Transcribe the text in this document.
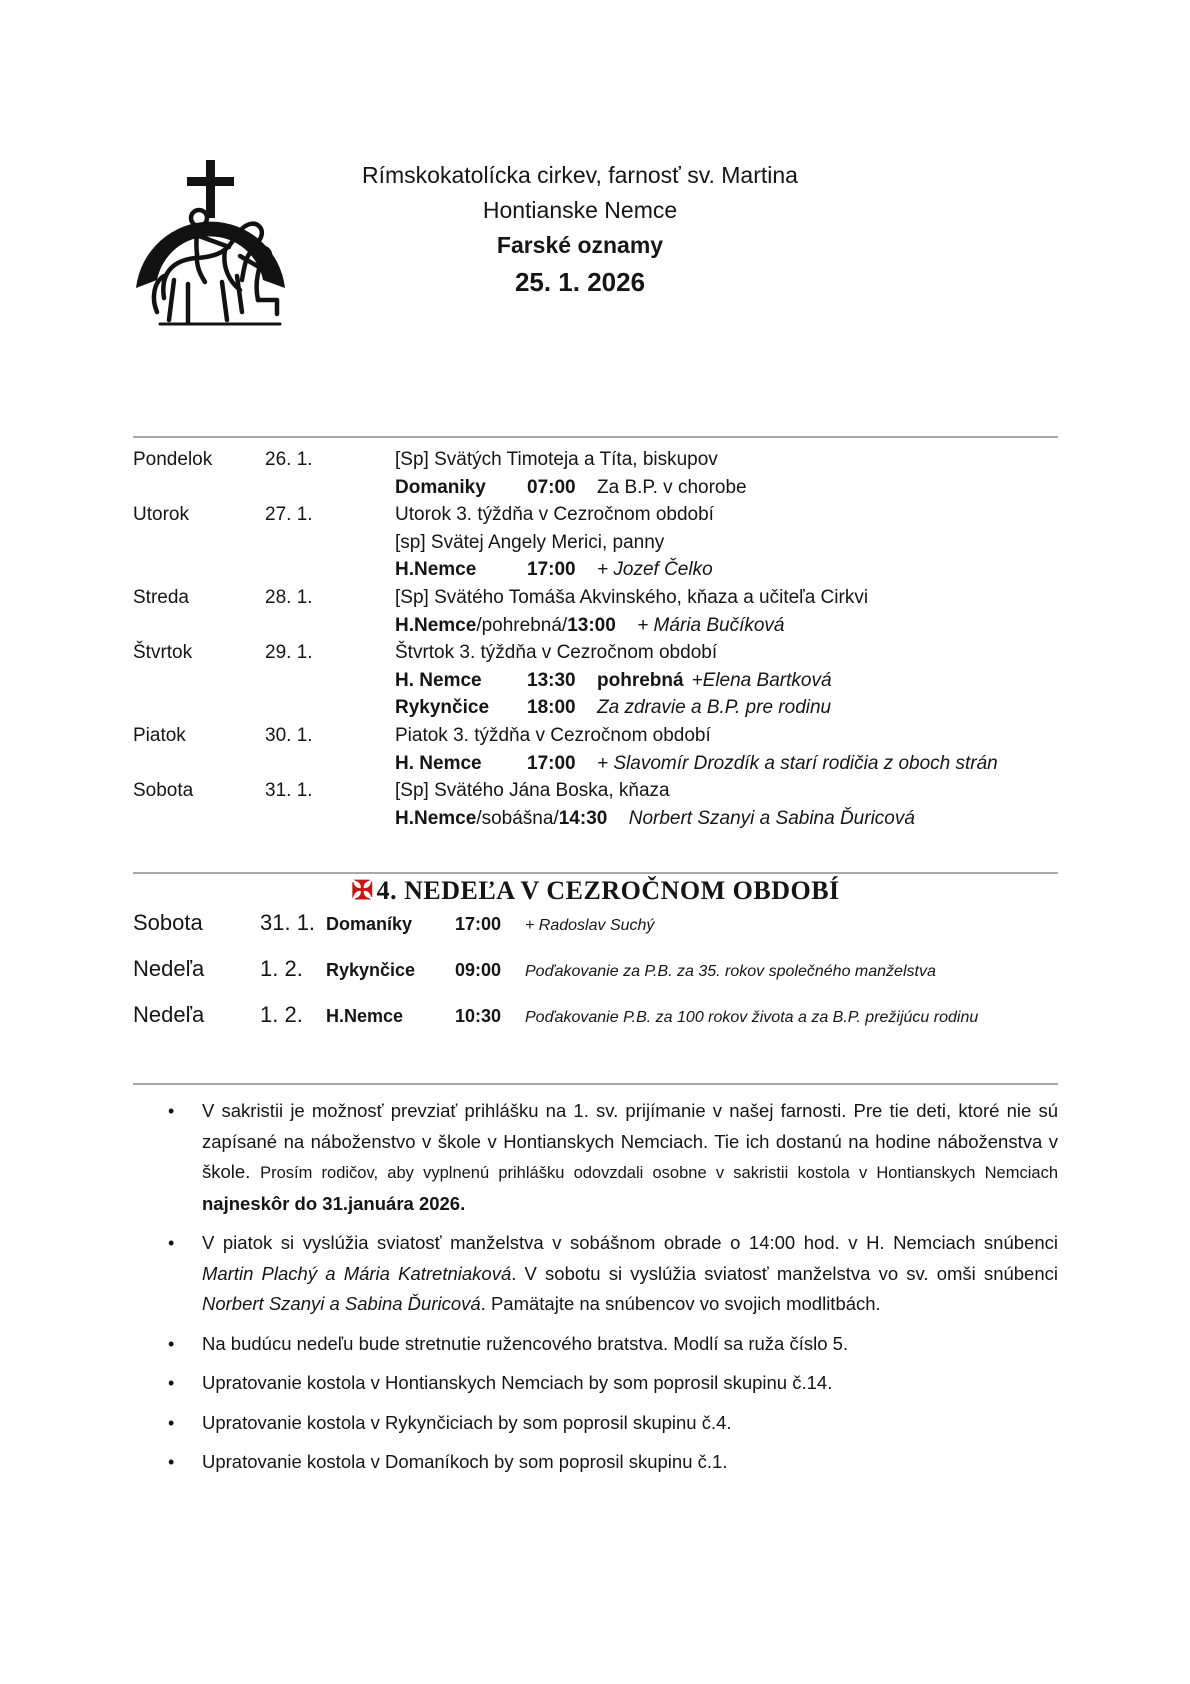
Rímskokatolícka cirkev, farnosť sv. Martina
Hontianske Nemce
Farské oznamy
25. 1. 2026
Pondelok	26. 1.	[Sp] Svätých Timoteja a Títa, biskupov
Domaniky 07:00 Za B.P. v chorobe
Utorok	27. 1.	Utorok 3. týždňa v Cezročnom období
[sp] Svätej Angely Merici, panny
H.Nemce	17:00 + Jozef Čelko
Streda	28. 1.	[Sp] Svätého Tomáša Akvinského, kňaza a učiteľa Cirkvi
H.Nemce/pohrebná/13:00 + Mária Bučíková
Štvrtok	29. 1.	Štvrtok 3. týždňa v Cezročnom období
H. Nemce 13:30 pohrebná +Elena Bartková
Rykynčice 18:00 Za zdravie a B.P. pre rodinu
Piatok	30. 1.	Piatok 3. týždňa v Cezročnom období
H. Nemce 17:00 + Slavomír Drozdík a starí rodičia z oboch strán
Sobota	31. 1.	[Sp] Svätého Jána Boska, kňaza
H.Nemce/sobášna/14:30 Norbert Szanyi a Sabina Ďuricová
✠ 4. NEDEĽA V CEZROČNOM OBDOBÍ
Sobota	31. 1. Domaníky	17:00	+ Radoslav Suchý
Nedeľa	1. 2.	Rykynčice	09:00	Poďakovanie za P.B. za 35. rokov společného manželstva
Nedeľa	1. 2.	H.Nemce	10:30	Poďakovanie P.B. za 100 rokov života a za B.P. prežijúcu rodinu
•	V sakristii je možnosť prevziať prihlášku na 1. sv. prijímanie v našej farnosti. Pre tie deti, ktoré nie sú zapísané na náboženstvo v škole v Hontianskych Nemciach. Tie ich dostanú na hodine náboženstva v škole. Prosím rodičov, aby vyplnenú prihlášku odovzdali osobne v sakristii kostola v Hontianskych Nemciach najneskôr do 31.januára 2026.

•	V piatok si vyslúžia sviatosť manželstva v sobášnom obrade o 14:00 hod. v H. Nemciach snúbenci Martin Plachý a Mária Katretniaková. V sobotu si vyslúžia sviatosť manželstva vo sv. omši snúbenci Norbert Szanyi a Sabina Ďuricová. Pamätajte na snúbencov vo svojich modlitbách.

•	Na budúcu nedeľu bude stretnutie ružencového bratstva. Modlí sa ruža číslo 5.

•	Upratovanie kostola v Hontianskych Nemciach by som poprosil skupinu č.14.

•	Upratovanie kostola v Rykynčiciach by som poprosil skupinu č.4.

•	Upratovanie kostola v Domaníkoch by som poprosil skupinu č.1.
